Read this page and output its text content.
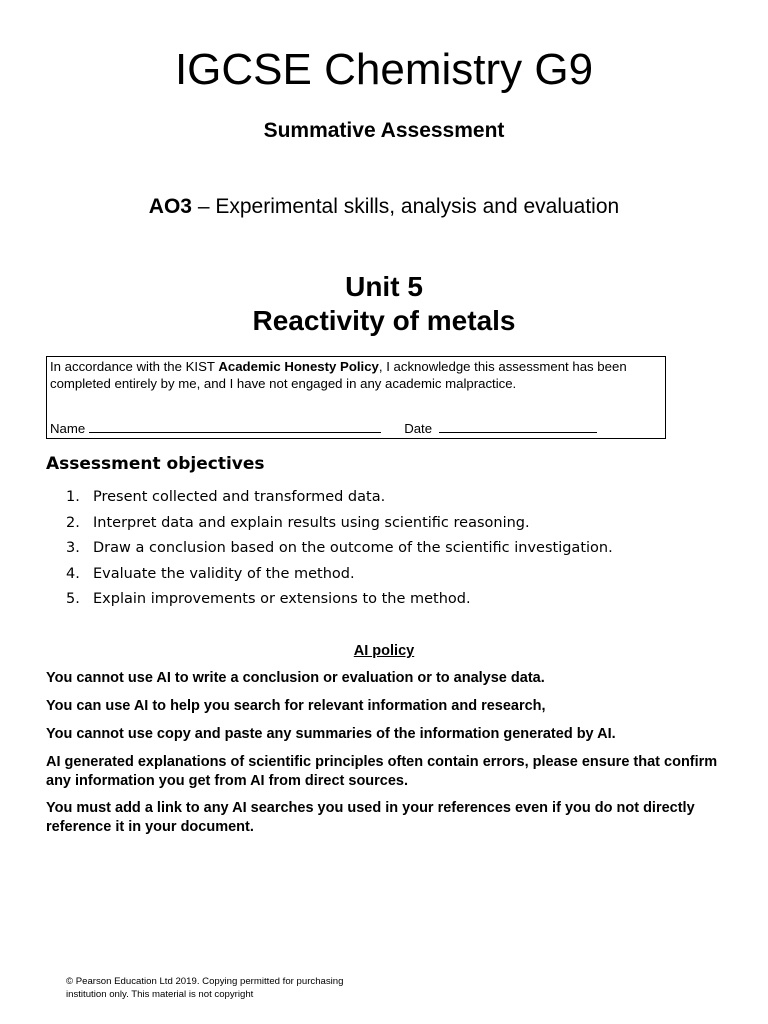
IGCSE Chemistry G9
Summative Assessment
AO3 – Experimental skills, analysis and evaluation
Unit 5
Reactivity of metals
In accordance with the KIST Academic Honesty Policy, I acknowledge this assessment has been completed entirely by me, and I have not engaged in any academic malpractice.
Name	Date
Assessment objectives
1. Present collected and transformed data.
2. Interpret data and explain results using scientific reasoning.
3. Draw a conclusion based on the outcome of the scientific investigation.
4. Evaluate the validity of the method.
5. Explain improvements or extensions to the method.
AI policy

You cannot use AI to write a conclusion or evaluation or to analyse data.

You can use AI to help you search for relevant information and research,

You cannot use copy and paste any summaries of the information generated by AI.

AI generated explanations of scientific principles often contain errors, please ensure that confirm any information you get from AI from direct sources.

You must add a link to any AI searches you used in your references even if you do not directly reference it in your document.

© Pearson Education Ltd 2019. Copying permitted for purchasing institution only. This material is not copyright
